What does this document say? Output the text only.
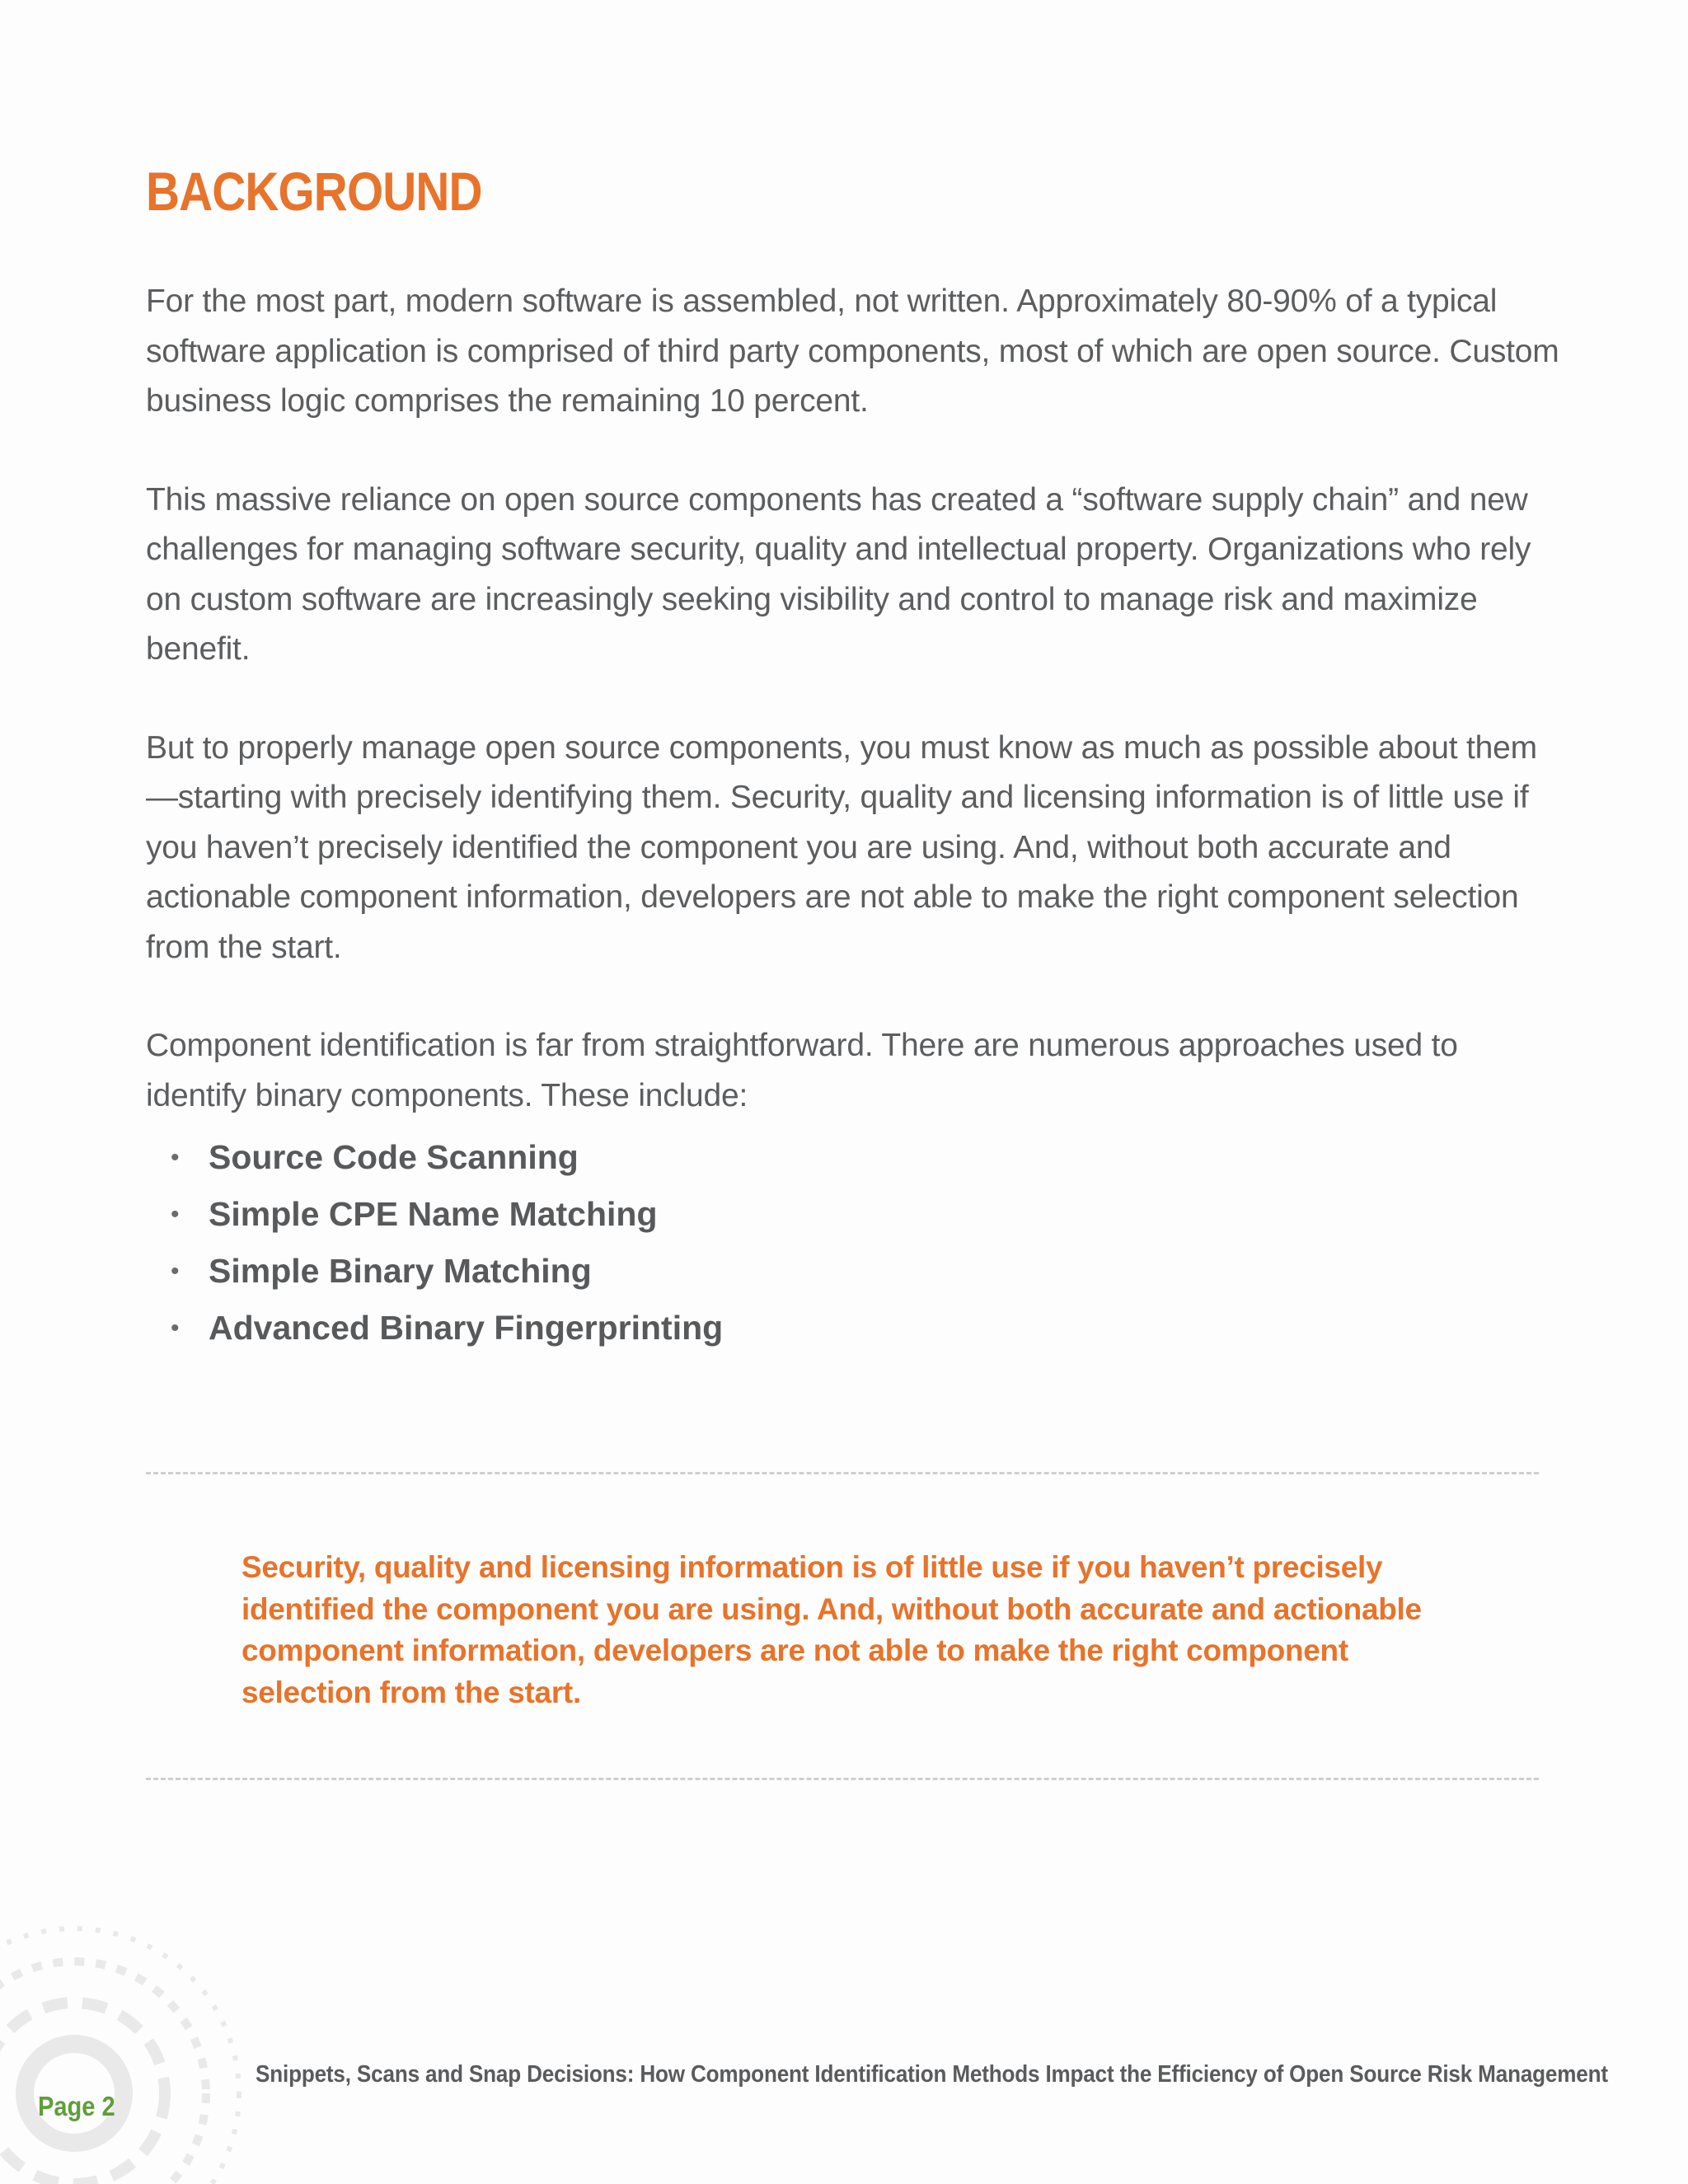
BACKGROUND

For the most part, modern software is assembled, not written. Approximately 80-90% of a typical software application is comprised of third party components, most of which are open source. Custom business logic comprises the remaining 10 percent.

This massive reliance on open source components has created a “software supply chain” and new challenges for managing software security, quality and intellectual property. Organizations who rely on custom software are increasingly seeking visibility and control to manage risk and maximize benefit.

But to properly manage open source components, you must know as much as possible about them—starting with precisely identifying them. Security, quality and licensing information is of little use if you haven’t precisely identified the component you are using. And, without both accurate and actionable component information, developers are not able to make the right component selection from the start.

Component identification is far from straightforward. There are numerous approaches used to identify binary components. These include:

• Source Code Scanning
• Simple CPE Name Matching
• Simple Binary Matching
• Advanced Binary Fingerprinting

Security, quality and licensing information is of little use if you haven’t precisely identified the component you are using. And, without both accurate and actionable component information, developers are not able to make the right component selection from the start.

Snippets, Scans and Snap Decisions: How Component Identification Methods Impact the Efficiency of Open Source Risk Management
Page 2
